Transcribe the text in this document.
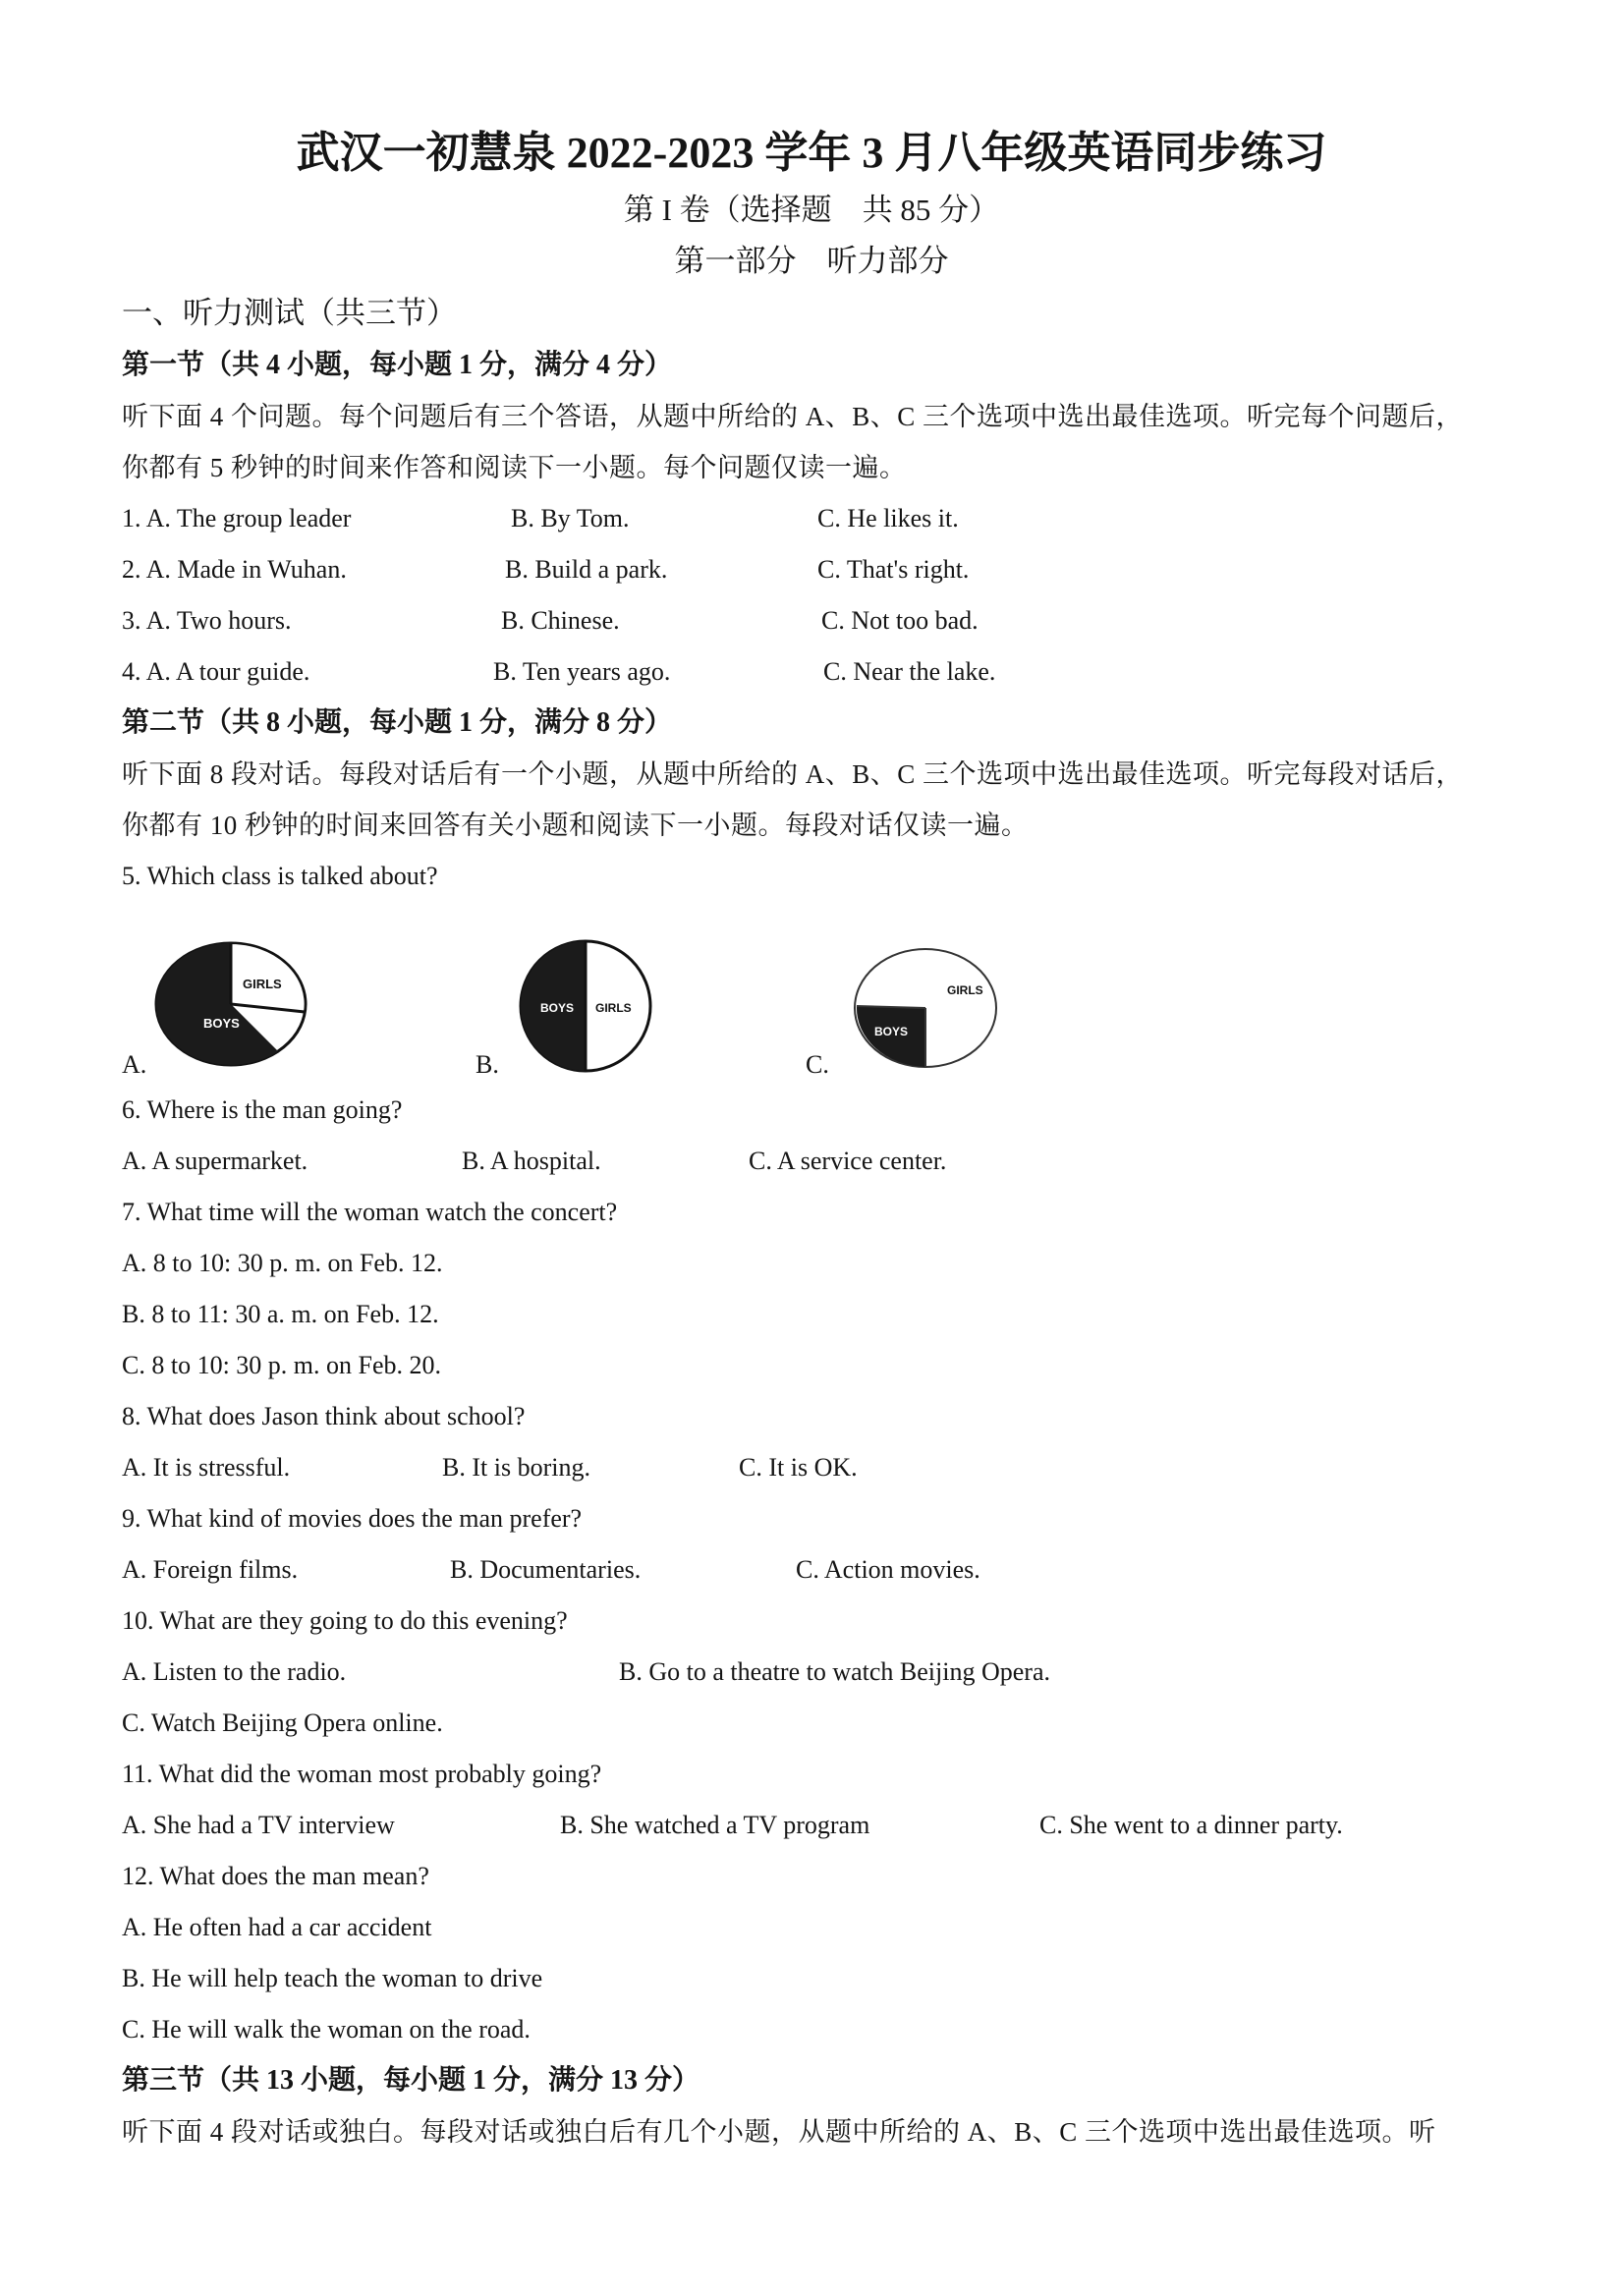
武汉一初慧泉 2022-2023 学年 3 月八年级英语同步练习
第 I 卷（选择题　共 85 分）
第一部分　听力部分
一、听力测试（共三节）
第一节（共 4 小题，每小题 1 分，满分 4 分）
听下面 4 个问题。每个问题后有三个答语，从题中所给的 A、B、C 三个选项中选出最佳选项。听完每个问题后，
你都有 5 秒钟的时间来作答和阅读下一小题。每个问题仅读一遍。
1. A. The group leader	B. By Tom.	C. He likes it.
2. A. Made in Wuhan.	B. Build a park.	C. That's right.
3. A. Two hours.	B. Chinese.	C. Not too bad.
4. A. A tour guide.	B. Ten years ago.	C. Near the lake.
第二节（共 8 小题，每小题 1 分，满分 8 分）
听下面 8 段对话。每段对话后有一个小题，从题中所给的 A、B、C 三个选项中选出最佳选项。听完每段对话后，
你都有 10 秒钟的时间来回答有关小题和阅读下一小题。每段对话仅读一遍。
5. Which class is talked about?
A.
GIRLS
BOYS
B.
BOYS GIRLS
C.
GIRLS
BOYS
6. Where is the man going?
A. A supermarket.	B. A hospital.	C. A service center.
7. What time will the woman watch the concert?
A. 8 to 10: 30 p. m. on Feb. 12.
B. 8 to 11: 30 a. m. on Feb. 12.
C. 8 to 10: 30 p. m. on Feb. 20.
8. What does Jason think about school?
A. It is stressful.	B. It is boring.	C. It is OK.
9. What kind of movies does the man prefer?
A. Foreign films.	B. Documentaries.	C. Action movies.
10. What are they going to do this evening?
A. Listen to the radio.	B. Go to a theatre to watch Beijing Opera.
C. Watch Beijing Opera online.
11. What did the woman most probably going?
A. She had a TV interview	B. She watched a TV program	C. She went to a dinner party.
12. What does the man mean?
A. He often had a car accident
B. He will help teach the woman to drive
C. He will walk the woman on the road.
第三节（共 13 小题，每小题 1 分，满分 13 分）
听下面 4 段对话或独白。每段对话或独白后有几个小题，从题中所给的 A、B、C 三个选项中选出最佳选项。听
